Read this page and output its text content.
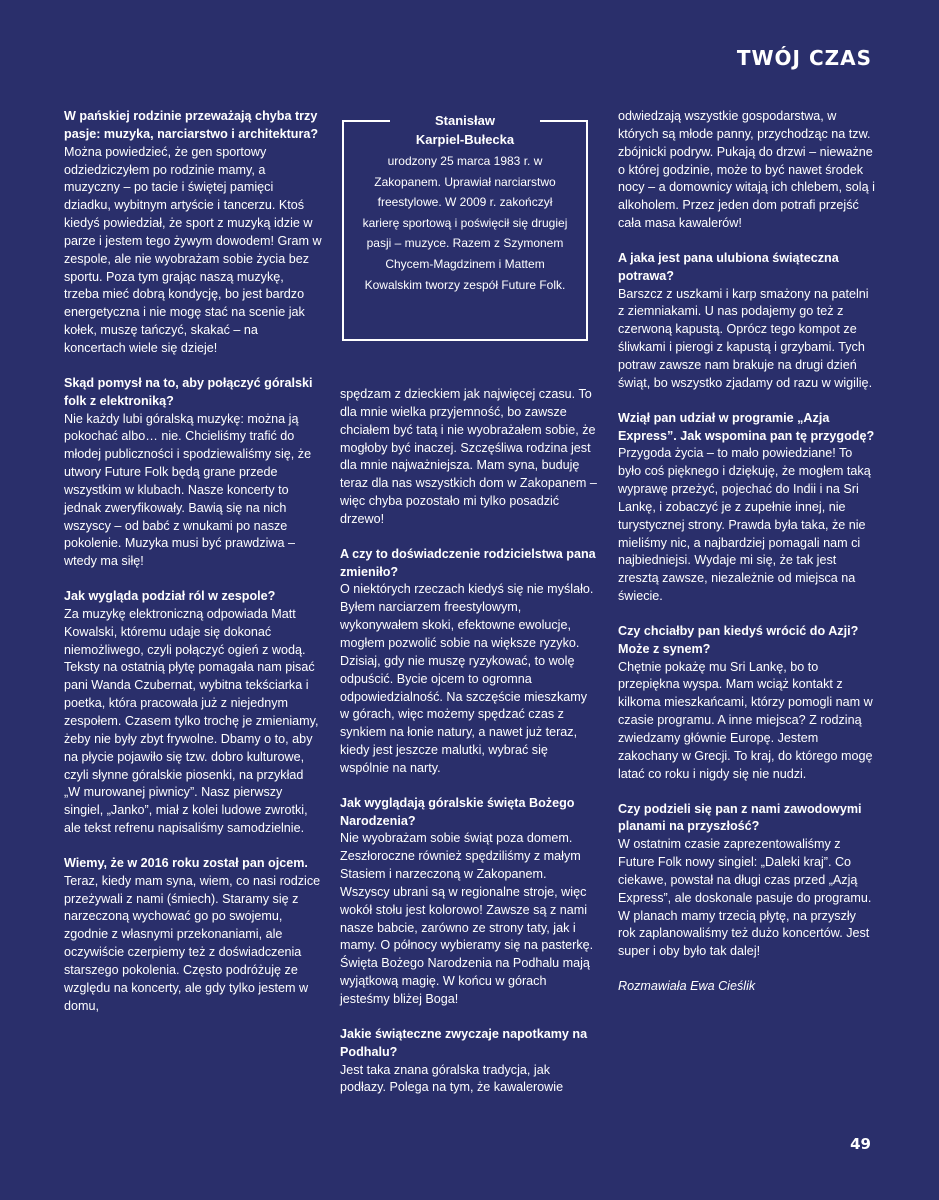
TWÓJ CZAS
Stanisław
Karpiel-Bułecka

urodzony 25 marca 1983 r. w Zakopanem. Uprawiał narciarstwo freestylowe. W 2009 r. zakończył karierę sportową i poświęcił się drugiej pasji – muzyce. Razem z Szymonem Chycem-Magdzinem i Mattem Kowalskim tworzy zespół Future Folk.

W pańskiej rodzinie przeważają chyba trzy pasje: muzyka, narciarstwo i architektura?

Można powiedzieć, że gen sportowy odziedziczyłem po rodzinie mamy, a muzyczny – po tacie i świętej pamięci dziadku, wybitnym artyście i tancerzu. Ktoś kiedyś powiedział, że sport z muzyką idzie w parze i jestem tego żywym dowodem! Gram w zespole, ale nie wyobrażam sobie życia bez sportu. Poza tym grając naszą muzykę, trzeba mieć dobrą kondycję, bo jest bardzo energetyczna i nie mogę stać na scenie jak kołek, muszę tańczyć, skakać – na koncertach wiele się dzieje!

Skąd pomysł na to, aby połączyć góralski folk z elektroniką?

Nie każdy lubi góralską muzykę: można ją pokochać albo… nie. Chcieliśmy trafić do młodej publiczności i spodziewaliśmy się, że utwory Future Folk będą grane przede wszystkim w klubach. Nasze koncerty to jednak zweryfikowały. Bawią się na nich wszyscy – od babć z wnukami po nasze pokolenie. Muzyka musi być prawdziwa – wtedy ma siłę!

Jak wygląda podział ról w zespole?

Za muzykę elektroniczną odpowiada Matt Kowalski, któremu udaje się dokonać niemożliwego, czyli połączyć ogień z wodą. Teksty na ostatnią płytę pomagała nam pisać pani Wanda Czubernat, wybitna tekściarka i poetka, która pracowała już z niejednym zespołem. Czasem tylko trochę je zmieniamy, żeby nie były zbyt frywolne. Dbamy o to, aby na płycie pojawiło się tzw. dobro kulturowe, czyli słynne góralskie piosenki, na przykład „W murowanej piwnicy”. Nasz pierwszy singiel, „Janko”, miał z kolei ludowe zwrotki, ale tekst refrenu napisaliśmy samodzielnie.

Wiemy, że w 2016 roku został pan ojcem.

Teraz, kiedy mam syna, wiem, co nasi rodzice przeżywali z nami (śmiech). Staramy się z narzeczoną wychować go po swojemu, zgodnie z własnymi przekonaniami, ale oczywiście czerpiemy też z doświadczenia starszego pokolenia. Często podróżuję ze względu na koncerty, ale gdy tylko jestem w domu,

spędzam z dzieckiem jak najwięcej czasu. To dla mnie wielka przyjemność, bo zawsze chciałem być tatą i nie wyobrażałem sobie, że mogłoby być inaczej. Szczęśliwa rodzina jest dla mnie najważniejsza. Mam syna, buduję teraz dla nas wszystkich dom w Zakopanem – więc chyba pozostało mi tylko posadzić drzewo!

A czy to doświadczenie rodzicielstwa pana zmieniło?

O niektórych rzeczach kiedyś się nie myślało. Byłem narciarzem freestylowym, wykonywałem skoki, efektowne ewolucje, mogłem pozwolić sobie na większe ryzyko. Dzisiaj, gdy nie muszę ryzykować, to wolę odpuścić. Bycie ojcem to ogromna odpowiedzialność. Na szczęście mieszkamy w górach, więc możemy spędzać czas z synkiem na łonie natury, a nawet już teraz, kiedy jest jeszcze malutki, wybrać się wspólnie na narty.

Jak wyglądają góralskie święta Bożego Narodzenia?

Nie wyobrażam sobie świąt poza domem. Zeszłoroczne również spędziliśmy z małym Stasiem i narzeczoną w Zakopanem. Wszyscy ubrani są w regionalne stroje, więc wokół stołu jest kolorowo! Zawsze są z nami nasze babcie, zarówno ze strony taty, jak i mamy. O północy wybieramy się na pasterkę. Święta Bożego Narodzenia na Podhalu mają wyjątkową magię. W końcu w górach jesteśmy bliżej Boga!

Jakie świąteczne zwyczaje napotkamy na Podhalu?

Jest taka znana góralska tradycja, jak podłazy. Polega na tym, że kawalerowie

odwiedzają wszystkie gospodarstwa, w których są młode panny, przychodząc na tzw. zbójnicki podryw. Pukają do drzwi – nieważne o której godzinie, może to być nawet środek nocy – a domownicy witają ich chlebem, solą i alkoholem. Przez jeden dom potrafi przejść cała masa kawalerów!

A jaka jest pana ulubiona świąteczna potrawa?

Barszcz z uszkami i karp smażony na patelni z ziemniakami. U nas podajemy go też z czerwoną kapustą. Oprócz tego kompot ze śliwkami i pierogi z kapustą i grzybami. Tych potraw zawsze nam brakuje na drugi dzień świąt, bo wszystko zjadamy od razu w wigilię.

Wziął pan udział w programie „Azja Express”. Jak wspomina pan tę przygodę?

Przygoda życia – to mało powiedziane! To było coś pięknego i dziękuję, że mogłem taką wyprawę przeżyć, pojechać do Indii i na Sri Lankę, i zobaczyć je z zupełnie innej, nie turystycznej strony. Prawda była taka, że nie mieliśmy nic, a najbardziej pomagali nam ci najbiedniejsi. Wydaje mi się, że tak jest zresztą zawsze, niezależnie od miejsca na świecie.

Czy chciałby pan kiedyś wrócić do Azji? Może z synem?

Chętnie pokażę mu Sri Lankę, bo to przepiękna wyspa. Mam wciąż kontakt z kilkoma mieszkańcami, którzy pomogli nam w czasie programu. A inne miejsca? Z rodziną zwiedzamy głównie Europę. Jestem zakochany w Grecji. To kraj, do którego mogę latać co roku i nigdy się nie nudzi.

Czy podzieli się pan z nami zawodowymi planami na przyszłość?

W ostatnim czasie zaprezentowaliśmy z Future Folk nowy singiel: „Daleki kraj”. Co ciekawe, powstał na długi czas przed „Azją Express”, ale doskonale pasuje do programu. W planach mamy trzecią płytę, na przyszły rok zaplanowaliśmy też dużo koncertów. Jest super i oby było tak dalej!

Rozmawiała Ewa Cieślik

49
